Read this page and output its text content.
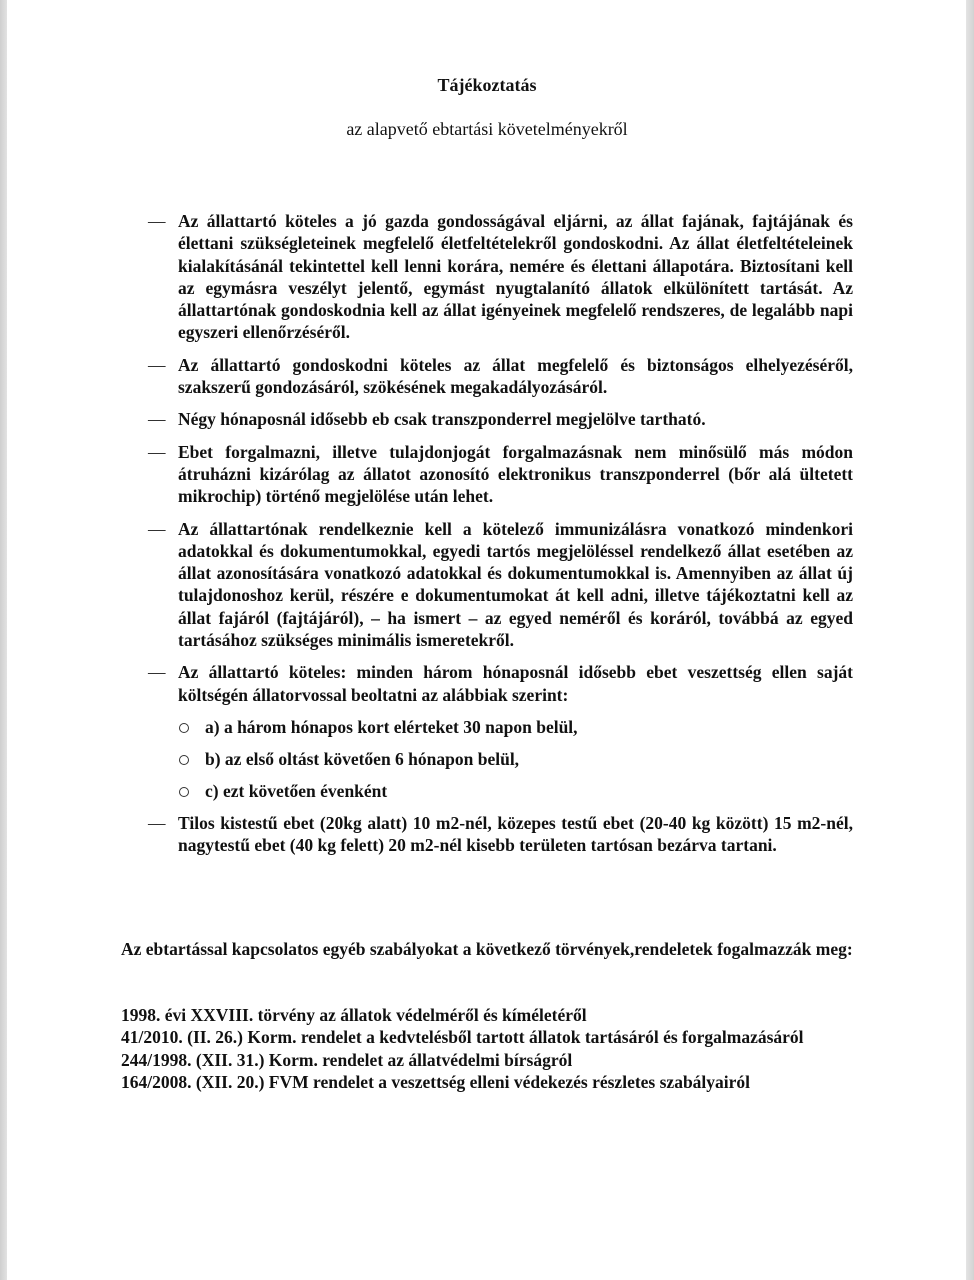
Tájékoztatás
az alapvető ebtartási követelményekről
— Az állattartó köteles a jó gazda gondosságával eljárni, az állat fajának, fajtájának és élettani szükségleteinek megfelelő életfeltételekről gondoskodni. Az állat életfeltételeinek kialakításánál tekintettel kell lenni korára, nemére és élettani állapotára. Biztosítani kell az egymásra veszélyt jelentő, egymást nyugtalanító állatok elkülönített tartását. Az állattartónak gondoskodnia kell az állat igényeinek megfelelő rendszeres, de legalább napi egyszeri ellenőrzéséről.
— Az állattartó gondoskodni köteles az állat megfelelő és biztonságos elhelyezéséről, szakszerű gondozásáról, szökésének megakadályozásáról.
— Négy hónaposnál idősebb eb csak transzponderrel megjelölve tartható.
— Ebet forgalmazni, illetve tulajdonjogát forgalmazásnak nem minősülő más módon átruházni kizárólag az állatot azonosító elektronikus transzponderrel (bőr alá ültetett mikrochip) történő megjelölése után lehet.
— Az állattartónak rendelkeznie kell a kötelező immunizálásra vonatkozó mindenkori adatokkal és dokumentumokkal, egyedi tartós megjelöléssel rendelkező állat esetében az állat azonosítására vonatkozó adatokkal és dokumentumokkal is. Amennyiben az állat új tulajdonoshoz kerül, részére e dokumentumokat át kell adni, illetve tájékoztatni kell az állat fajáról (fajtájáról), – ha ismert – az egyed neméről és koráról, továbbá az egyed tartásához szükséges minimális ismeretekről.
— Az állattartó köteles: minden három hónaposnál idősebb ebet veszettség ellen saját költségén állatorvossal beoltatni az alábbiak szerint:
a) a három hónapos kort elérteket 30 napon belül,
b) az első oltást követően 6 hónapon belül,
c) ezt követően évenként
— Tilos kistestű ebet (20kg alatt) 10 m2-nél, közepes testű ebet (20-40 kg között) 15 m2-nél, nagytestű ebet (40 kg felett) 20 m2-nél kisebb területen tartósan bezárva tartani.
Az ebtartással kapcsolatos egyéb szabályokat a következő törvények,rendeletek fogalmazzák meg:
1998. évi XXVIII. törvény az állatok védelméről és kíméletéről
41/2010. (II. 26.) Korm. rendelet a kedvtelésből tartott állatok tartásáról és forgalmazásáról
244/1998. (XII. 31.) Korm. rendelet az állatvédelmi bírságról
164/2008. (XII. 20.) FVM rendelet a veszettség elleni védekezés részletes szabályairól
